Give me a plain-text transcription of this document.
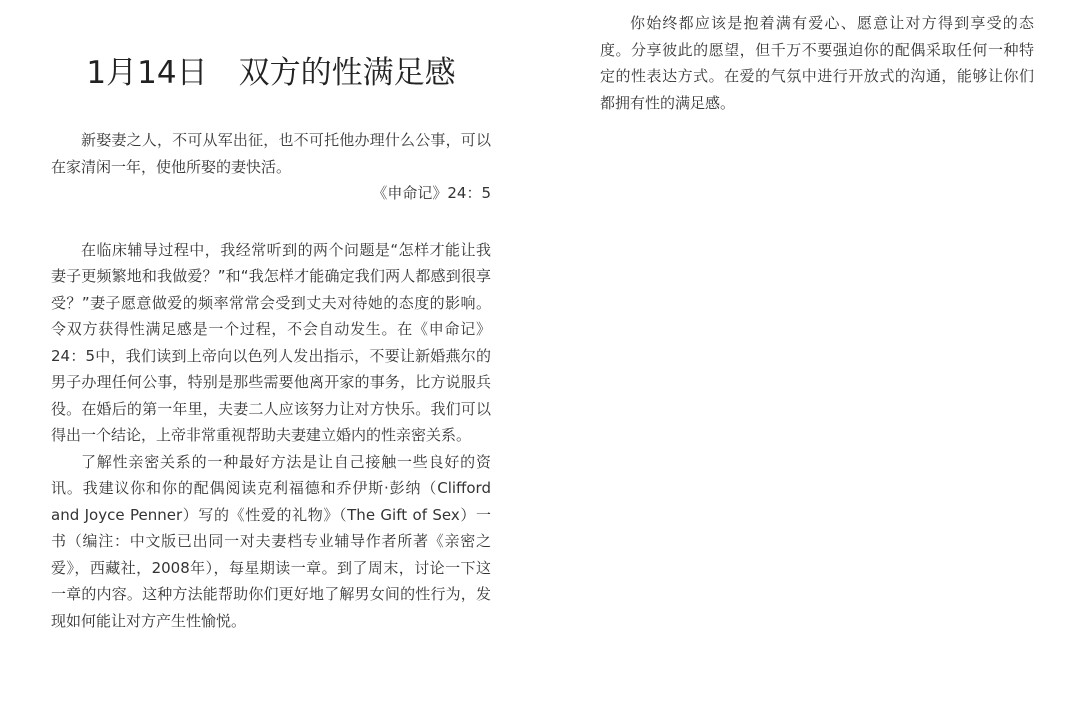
1月14日　双方的性满足感

新娶妻之人，不可从军出征，也不可托他办理什么公事，可以在家清闲一年，使他所娶的妻快活。

《申命记》24：5

在临床辅导过程中，我经常听到的两个问题是“怎样才能让我妻子更频繁地和我做爱？”和“我怎样才能确定我们两人都感到很享受？”妻子愿意做爱的频率常常会受到丈夫对待她的态度的影响。令双方获得性满足感是一个过程，不会自动发生。在《申命记》24：5中，我们读到上帝向以色列人发出指示，不要让新婚燕尔的男子办理任何公事，特别是那些需要他离开家的事务，比方说服兵役。在婚后的第一年里，夫妻二人应该努力让对方快乐。我们可以得出一个结论，上帝非常重视帮助夫妻建立婚内的性亲密关系。

了解性亲密关系的一种最好方法是让自己接触一些良好的资讯。我建议你和你的配偶阅读克利福德和乔伊斯·彭纳（Clifford and Joyce Penner）写的《性爱的礼物》（The Gift of Sex）一书（编注：中文版已出同一对夫妻档专业辅导作者所著《亲密之爱》，西藏社，2008年），每星期读一章。到了周末，讨论一下这一章的内容。这种方法能帮助你们更好地了解男女间的性行为，发现如何能让对方产生性愉悦。

你始终都应该是抱着满有爱心、愿意让对方得到享受的态度。分享彼此的愿望，但千万不要强迫你的配偶采取任何一种特定的性表达方式。在爱的气氛中进行开放式的沟通，能够让你们都拥有性的满足感。
